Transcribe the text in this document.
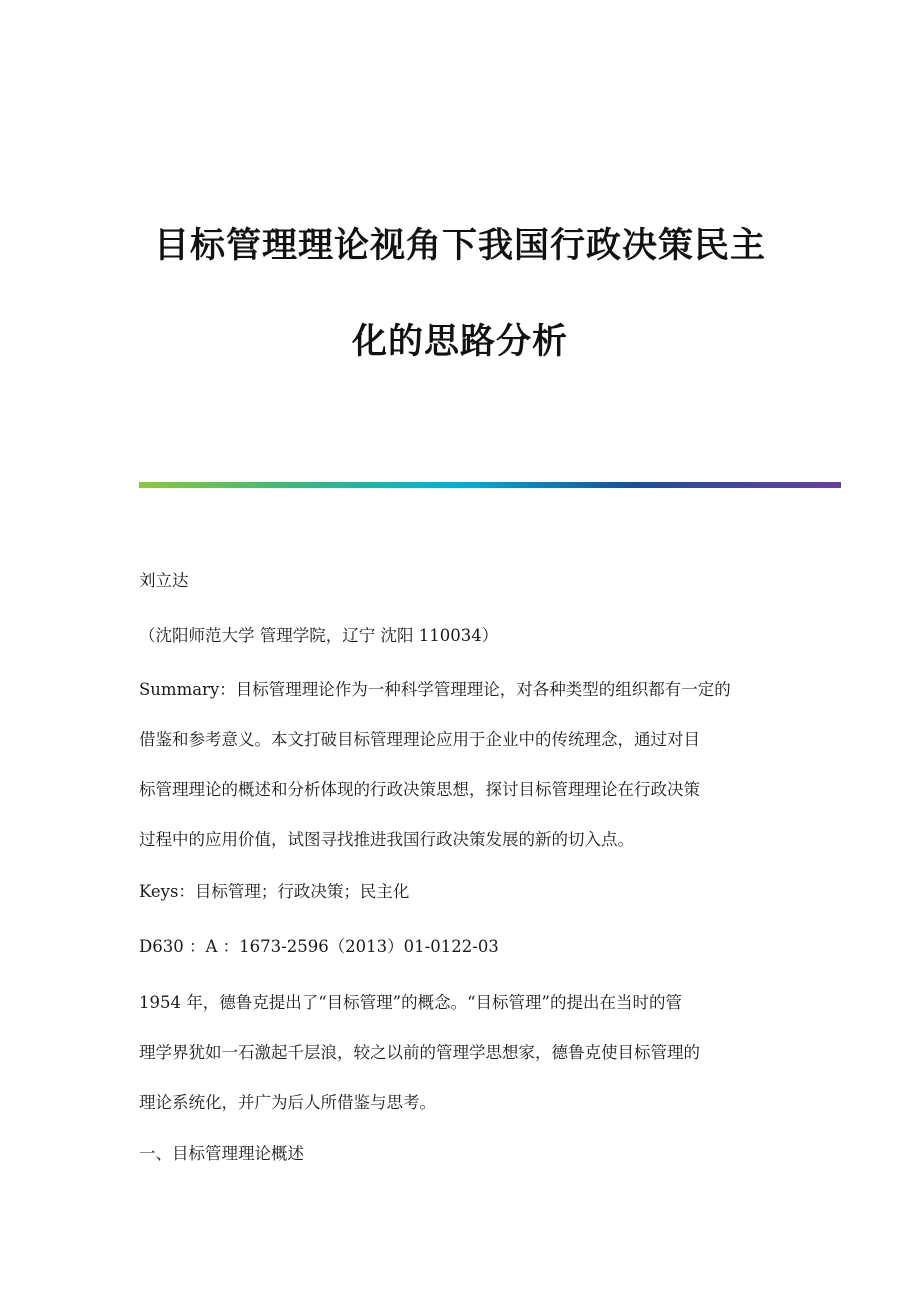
目标管理理论视角下我国行政决策民主
化的思路分析

刘立达

（沈阳师范大学 管理学院，辽宁 沈阳 110034）

Summary：目标管理理论作为一种科学管理理论，对各种类型的组织都有一定的
借鉴和参考意义。本文打破目标管理理论应用于企业中的传统理念，通过对目
标管理理论的概述和分析体现的行政决策思想，探讨目标管理理论在行政决策
过程中的应用价值，试图寻找推进我国行政决策发展的新的切入点。

Keys：目标管理；行政决策；民主化

D630 ：A ：1673-2596（2013）01-0122-03

1954 年，德鲁克提出了“目标管理”的概念。“目标管理”的提出在当时的管
理学界犹如一石激起千层浪，较之以前的管理学思想家，德鲁克使目标管理的
理论系统化，并广为后人所借鉴与思考。

一、目标管理理论概述
